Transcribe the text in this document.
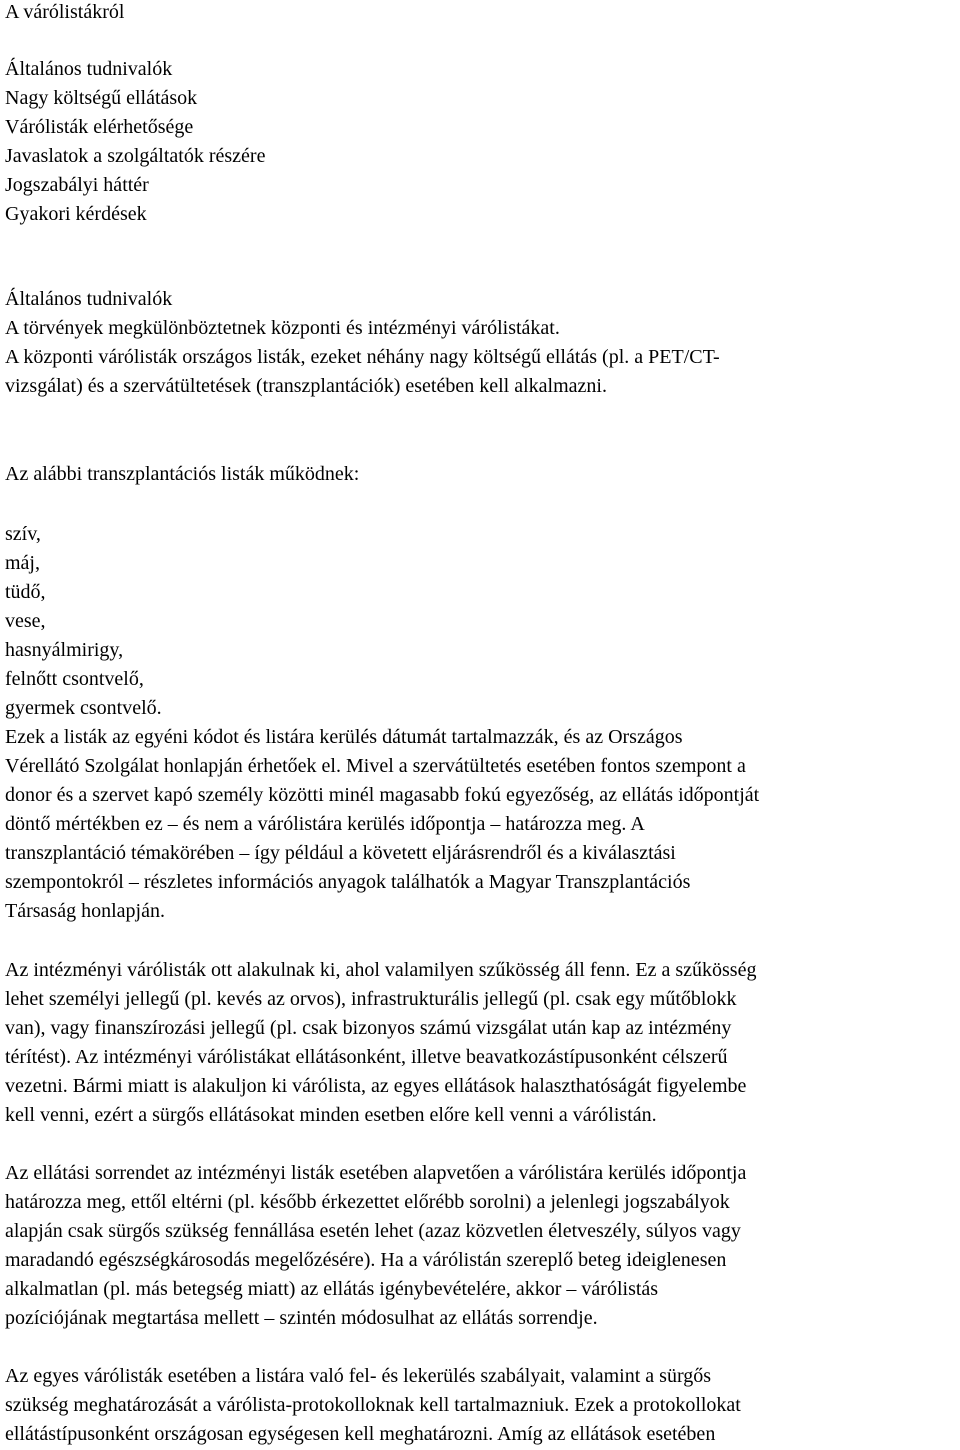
A várólistákról
Általános tudnivalók
Nagy költségű ellátások
Várólisták elérhetősége
Javaslatok a szolgáltatók részére
Jogszabályi háttér
Gyakori kérdések
Általános tudnivalók
A törvények megkülönböztetnek központi és intézményi várólistákat.
A központi várólisták országos listák, ezeket néhány nagy költségű ellátás (pl. a PET/CT-
vizsgálat) és a szervátültetések (transzplantációk) esetében kell alkalmazni.
Az alábbi transzplantációs listák működnek:
szív,
máj,
tüdő,
vese,
hasnyálmirigy,
felnőtt csontvelő,
gyermek csontvelő.
Ezek a listák az egyéni kódot és listára kerülés dátumát tartalmazzák, és az Országos
Vérellátó Szolgálat honlapján érhetőek el. Mivel a szervátültetés esetében fontos szempont a
donor és a szervet kapó személy közötti minél magasabb fokú egyezőség, az ellátás időpontját
döntő mértékben ez – és nem a várólistára kerülés időpontja – határozza meg. A
transzplantáció témakörében – így például a követett eljárásrendről és a kiválasztási
szempontokról – részletes információs anyagok találhatók a Magyar Transzplantációs
Társaság honlapján.
Az intézményi várólisták ott alakulnak ki, ahol valamilyen szűkösség áll fenn. Ez a szűkösség
lehet személyi jellegű (pl. kevés az orvos), infrastrukturális jellegű (pl. csak egy műtőblokk
van), vagy finanszírozási jellegű (pl. csak bizonyos számú vizsgálat után kap az intézmény
térítést). Az intézményi várólistákat ellátásonként, illetve beavatkozástípusonként célszerű
vezetni. Bármi miatt is alakuljon ki várólista, az egyes ellátások halaszthatóságát figyelembe
kell venni, ezért a sürgős ellátásokat minden esetben előre kell venni a várólistán.
Az ellátási sorrendet az intézményi listák esetében alapvetően a várólistára kerülés időpontja
határozza meg, ettől eltérni (pl. később érkezettet előrébb sorolni) a jelenlegi jogszabályok
alapján csak sürgős szükség fennállása esetén lehet (azaz közvetlen életveszély, súlyos vagy
maradandó egészségkárosodás megelőzésére). Ha a várólistán szereplő beteg ideiglenesen
alkalmatlan (pl. más betegség miatt) az ellátás igénybevételére, akkor – várólistás
pozíciójának megtartása mellett – szintén módosulhat az ellátás sorrendje.
Az egyes várólisták esetében a listára való fel- és lekerülés szabályait, valamint a sürgős
szükség meghatározását a várólista-protokolloknak kell tartalmazniuk. Ezek a protokollokat
ellátástípusonként országosan egységesen kell meghatározni. Amíg az ellátások esetében
